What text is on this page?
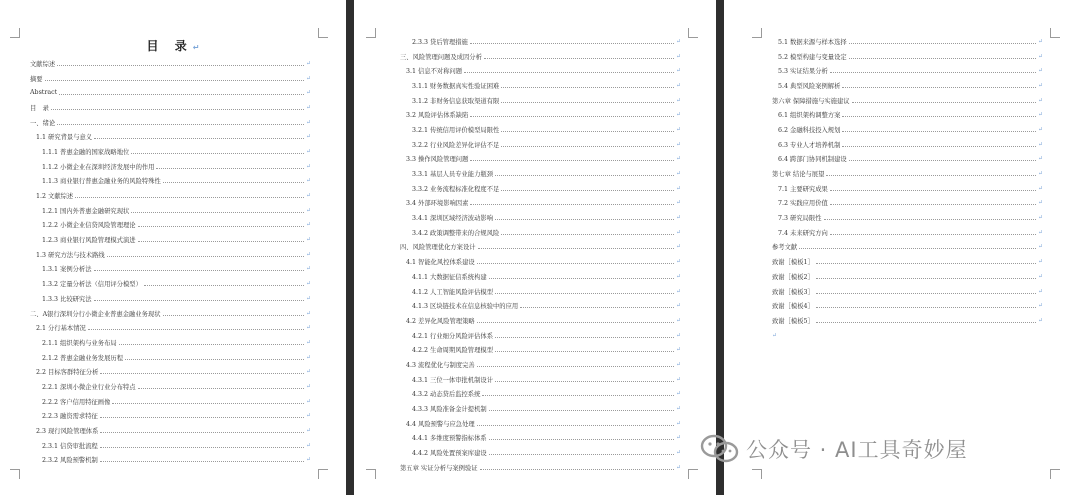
目 录↵
文献综述	↵
摘要	↵
Abstract	↵
目　录	↵
一、绪论	↵
1.1 研究背景与意义	↵
1.1.1 普惠金融的国家战略地位	↵
1.1.2 小微企业在深圳经济发展中的作用	↵
1.1.3 商业银行普惠金融业务的风险特殊性	↵
1.2 文献综述	↵
1.2.1 国内外普惠金融研究现状	↵
1.2.2 小微企业信贷风险管理理论	↵
1.2.3 商业银行风险管理模式演进	↵
1.3 研究方法与技术路线	↵
1.3.1 案例分析法	↵
1.3.2 定量分析法（信用评分模型）	↵
1.3.3 比较研究法	↵
二、A银行深圳分行小微企业普惠金融业务现状	↵
2.1 分行基本情况	↵
2.1.1 组织架构与业务布局	↵
2.1.2 普惠金融业务发展历程	↵
2.2 目标客群特征分析	↵
2.2.1 深圳小微企业行业分布特点	↵
2.2.2 客户信用特征画像	↵
2.2.3 融资需求特征	↵
2.3 现行风险管理体系	↵
2.3.1 信贷审批流程	↵
2.3.2 风险预警机制	↵
2.3.3 贷后管理措施	↵
三、风险管理问题及成因分析	↵
3.1 信息不对称问题	↵
3.1.1 财务数据真实性验证困难	↵
3.1.2 非财务信息获取渠道有限	↵
3.2 风险评估体系缺陷	↵
3.2.1 传统信用评价模型局限性	↵
3.2.2 行业风险差异化评估不足	↵
3.3 操作风险管理问题	↵
3.3.1 基层人员专业能力瓶颈	↵
3.3.2 业务流程标准化程度不足	↵
3.4 外部环境影响因素	↵
3.4.1 深圳区域经济波动影响	↵
3.4.2 政策调整带来的合规风险	↵
四、风险管理优化方案设计	↵
4.1 智能化风控体系建设	↵
4.1.1 大数据征信系统构建	↵
4.1.2 人工智能风险评估模型	↵
4.1.3 区块链技术在信息核验中的应用	↵
4.2 差异化风险管理策略	↵
4.2.1 行业细分风险评估体系	↵
4.2.2 生命周期风险管理模型	↵
4.3 流程优化与制度完善	↵
4.3.1 三位一体审批机制设计	↵
4.3.2 动态贷后监控系统	↵
4.3.3 风险准备金计提机制	↵
4.4 风险预警与应急处理	↵
4.4.1 多维度预警指标体系	↵
4.4.2 风险处置预案库建设	↵
第五章 实证分析与案例验证	↵
5.1 数据来源与样本选择	↵
5.2 模型构建与变量设定	↵
5.3 实证结果分析	↵
5.4 典型风险案例解析	↵
第六章 保障措施与实施建议	↵
6.1 组织架构调整方案	↵
6.2 金融科技投入规划	↵
6.3 专业人才培养机制	↵
6.4 跨部门协同机制建设	↵
第七章 结论与展望	↵
7.1 主要研究成果	↵
7.2 实践应用价值	↵
7.3 研究局限性	↵
7.4 未来研究方向	↵
参考文献	↵
致谢［模板1］	↵
致谢［模板2］	↵
致谢［模板3］	↵
致谢［模板4］	↵
致谢［模板5］	↵
↵
公众号 · AI工具奇妙屋
